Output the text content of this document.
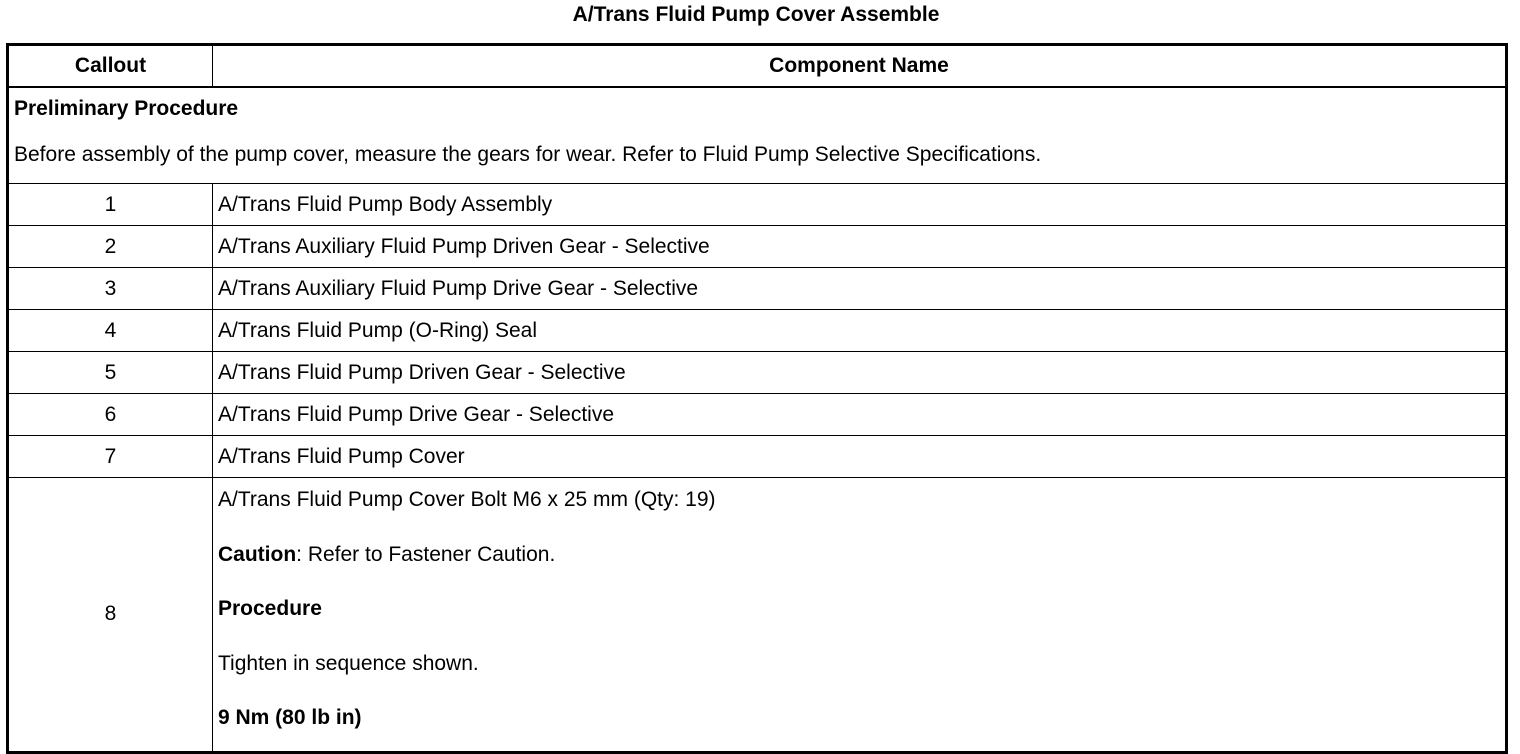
A/Trans Fluid Pump Cover Assemble
Callout	Component Name

Preliminary Procedure
Before assembly of the pump cover, measure the gears for wear. Refer to Fluid Pump Selective Specifications.	

1	A/Trans Fluid Pump Body Assembly
2	A/Trans Auxiliary Fluid Pump Driven Gear - Selective
3	A/Trans Auxiliary Fluid Pump Drive Gear - Selective
4	A/Trans Fluid Pump (O-Ring) Seal
5	A/Trans Fluid Pump Driven Gear - Selective
6	A/Trans Fluid Pump Drive Gear - Selective
7	A/Trans Fluid Pump Cover
8	A/Trans Fluid Pump Cover Bolt M6 x 25 mm (Qty: 19)
Caution: Refer to Fastener Caution.
Procedure
Tighten in sequence shown.
9 Nm (80 lb in)
